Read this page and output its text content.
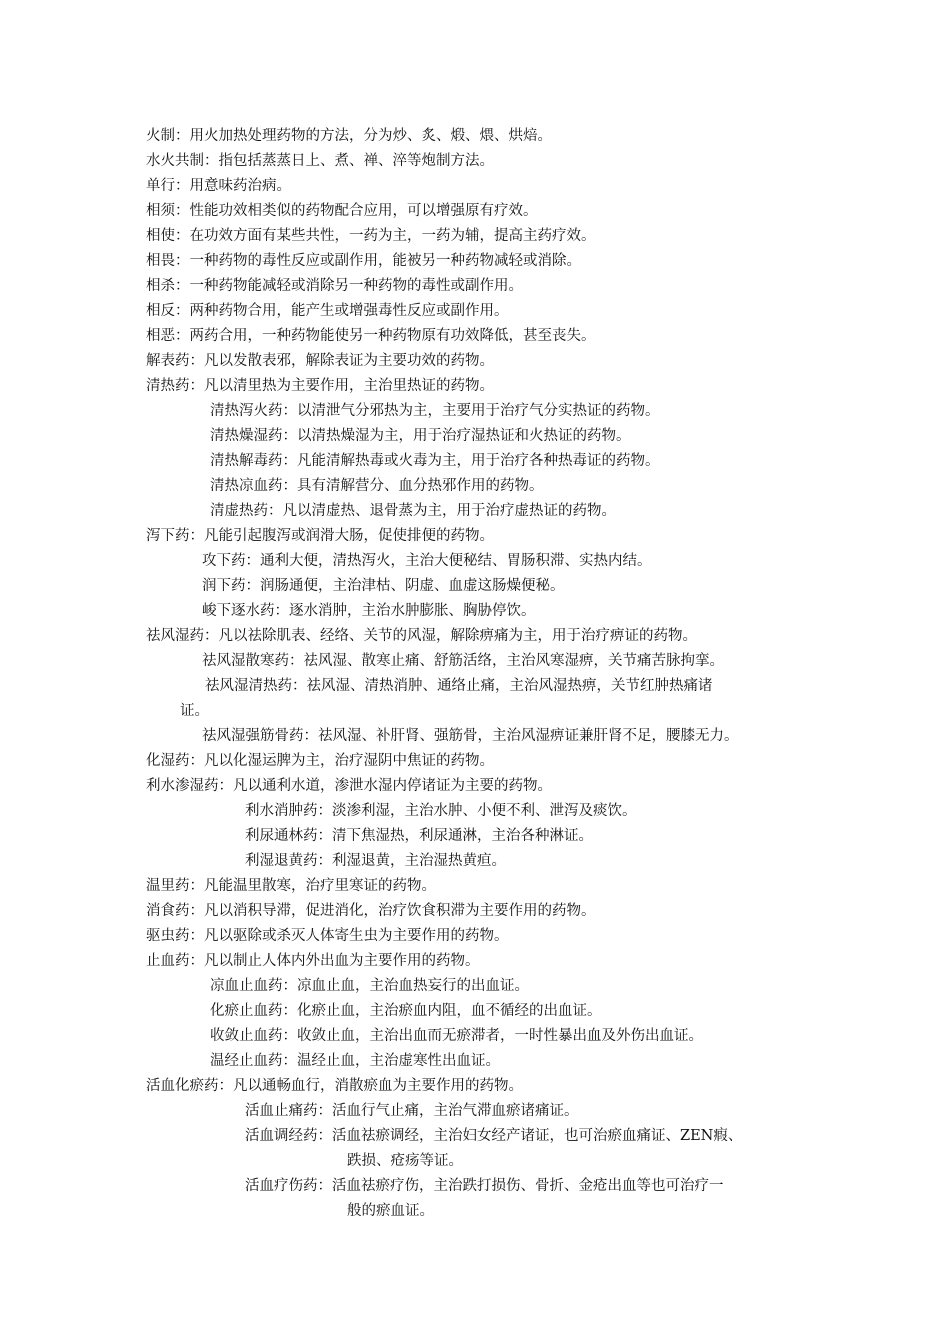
火制：用火加热处理药物的方法，分为炒、炙、煅、煨、烘焙。
水火共制：指包括蒸蒸日上、煮、禅、淬等炮制方法。
单行：用意味药治病。
相须：性能功效相类似的药物配合应用，可以增强原有疗效。
相使：在功效方面有某些共性，一药为主，一药为辅，提高主药疗效。
相畏：一种药物的毒性反应或副作用，能被另一种药物减轻或消除。
相杀：一种药物能减轻或消除另一种药物的毒性或副作用。
相反：两种药物合用，能产生或增强毒性反应或副作用。
相恶：两药合用，一种药物能使另一种药物原有功效降低，甚至丧失。
解表药：凡以发散表邪，解除表证为主要功效的药物。
清热药：凡以清里热为主要作用，主治里热证的药物。
清热泻火药：以清泄气分邪热为主，主要用于治疗气分实热证的药物。
清热燥湿药：以清热燥湿为主，用于治疗湿热证和火热证的药物。
清热解毒药：凡能清解热毒或火毒为主，用于治疗各种热毒证的药物。
清热凉血药：具有清解营分、血分热邪作用的药物。
清虚热药：凡以清虚热、退骨蒸为主，用于治疗虚热证的药物。
泻下药：凡能引起腹泻或润滑大肠，促使排便的药物。
攻下药：通利大便，清热泻火，主治大便秘结、胃肠积滞、实热内结。
润下药：润肠通便，主治津枯、阴虚、血虚这肠燥便秘。
峻下逐水药：逐水消肿，主治水肿膨胀、胸胁停饮。
祛风湿药：凡以祛除肌表、经络、关节的风湿，解除痹痛为主，用于治疗痹证的药物。
祛风湿散寒药：祛风湿、散寒止痛、舒筋活络，主治风寒湿痹，关节痛苦脉拘挛。
祛风湿清热药：祛风湿、清热消肿、通络止痛，主治风湿热痹，关节红肿热痛诸
证。
祛风湿强筋骨药：祛风湿、补肝肾、强筋骨，主治风湿痹证兼肝肾不足，腰膝无力。
化湿药：凡以化湿运脾为主，治疗湿阴中焦证的药物。
利水渗湿药：凡以通利水道，渗泄水湿内停诸证为主要的药物。
利水消肿药：淡渗利湿，主治水肿、小便不利、泄泻及痰饮。
利尿通林药：清下焦湿热，利尿通淋，主治各种淋证。
利湿退黄药：利湿退黄，主治湿热黄疸。
温里药：凡能温里散寒，治疗里寒证的药物。
消食药：凡以消积导滞，促进消化，治疗饮食积滞为主要作用的药物。
驱虫药：凡以驱除或杀灭人体寄生虫为主要作用的药物。
止血药：凡以制止人体内外出血为主要作用的药物。
凉血止血药：凉血止血，主治血热妄行的出血证。
化瘀止血药：化瘀止血，主治瘀血内阻，血不循经的出血证。
收敛止血药：收敛止血，主治出血而无瘀滞者，一时性暴出血及外伤出血证。
温经止血药：温经止血，主治虚寒性出血证。
活血化瘀药：凡以通畅血行，消散瘀血为主要作用的药物。
活血止痛药：活血行气止痛，主治气滞血瘀诸痛证。
活血调经药：活血祛瘀调经，主治妇女经产诸证，也可治瘀血痛证、ZEN瘕、
跌损、疮疡等证。
活血疗伤药：活血祛瘀疗伤，主治跌打损伤、骨折、金疮出血等也可治疗一
般的瘀血证。
